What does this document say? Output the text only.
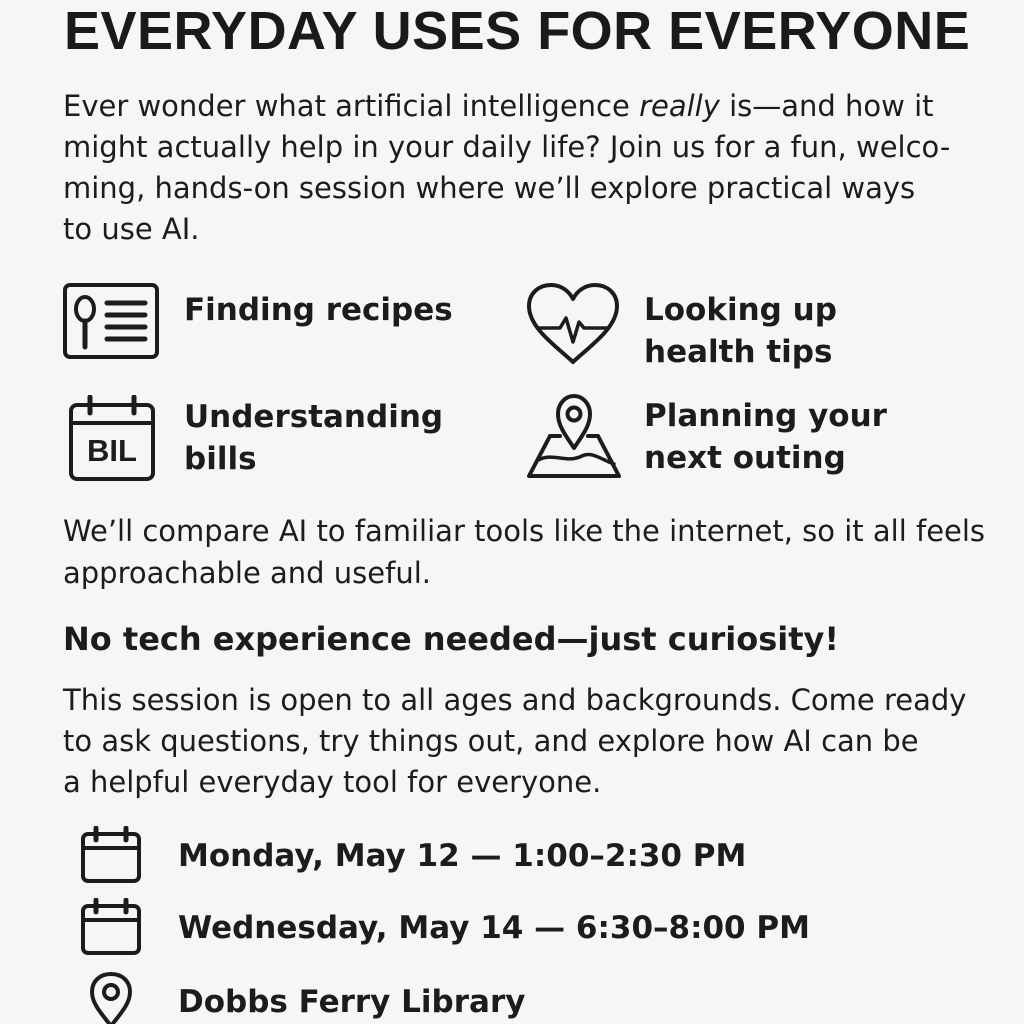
EVERYDAY USES FOR EVERYONE

Ever wonder what artificial intelligence really is—and how it
might actually help in your daily life? Join us for a fun, welco-
ming, hands-on session where we’ll explore practical ways
to use AI.

Finding recipes	Looking up
health tips
BIL
Understanding
bills
Planning your
next outing

We’ll compare AI to familiar tools like the internet, so it all feels
approachable and useful.

No tech experience needed—just curiosity!

This session is open to all ages and backgrounds. Come ready
to ask questions, try things out, and explore how AI can be
a helpful everyday tool for everyone.

Monday, May 12 — 1:00–2:30 PM
Wednesday, May 14 — 6:30–8:00 PM
Dobbs Ferry Library
